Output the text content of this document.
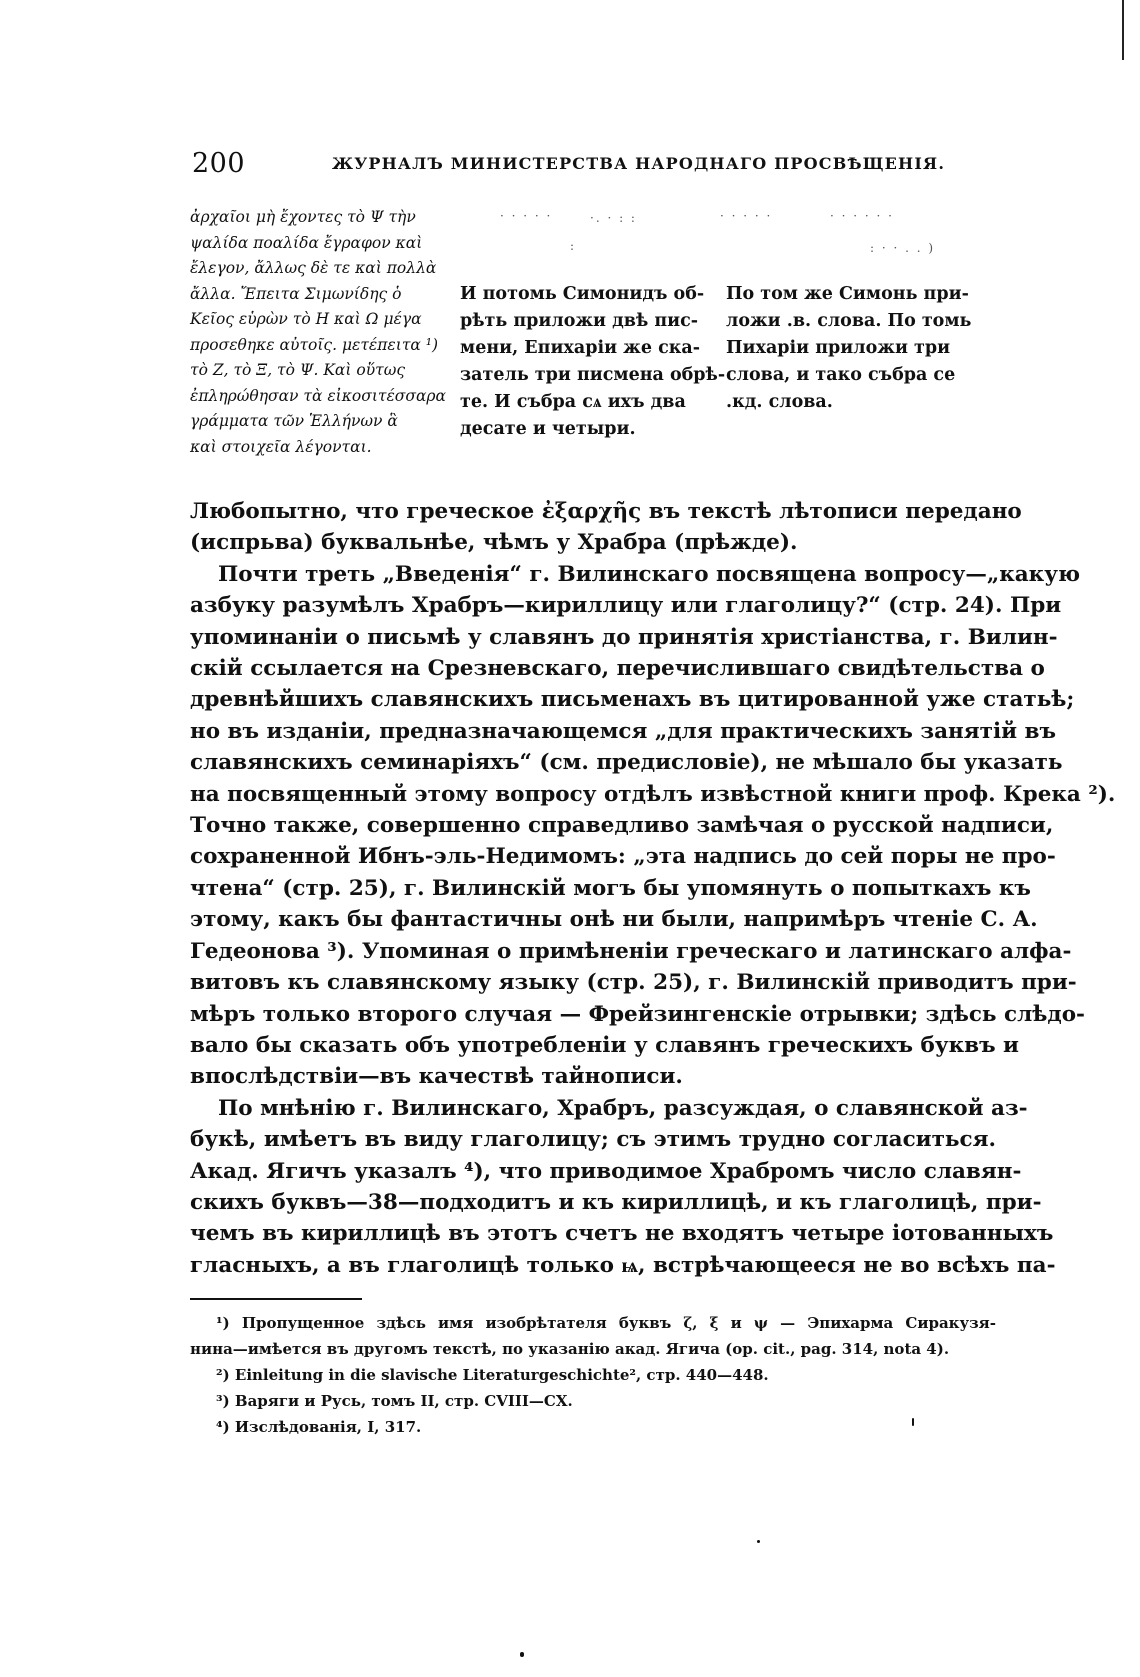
200	ЖУРНАЛЪ МИНИСТЕРСТВА НАРОДНАГО ПРОСВѢЩЕНІЯ.
ἀρχαῖοι μὴ ἔχοντες τὸ Ψ τὴν
ψαλίδα ποαλίδα ἔγραφον καὶ
ἔλεγον, ἄλλως δὲ τε καὶ πολλὰ
ἄλλα. Ἔπειτα Σιμωνίδης ὁ
Κεῖος εὑρὼν τὸ Η καὶ Ω μέγα
προσεθηκε αὐτοῖς. μετέπειτα ¹)
τὸ Ζ, τὸ Ξ, τὸ Ψ. Καὶ οὕτως
ἐπληρώθησαν τὰ εἰκοσιτέσσαρα
γράμματα τῶν Ἑλλήνων ἃ
καὶ στοιχεῖα λέγονται.
· · · · ·	·. · : :	· · · · ·	· · · · · ·
:	: · · . . )
И потомь Симонидъ об-
рѣть приложи двѣ пис-
мени, Епихаріи же ска-
затель три писмена обрѣ-
те. И събра сѧ ихъ два
десате и четыри.
По том же Симонь при-
ложи .в. слова. По томь
Пихаріи приложи три
слова, и тако събра се
.кд. слова.
Любопытно, что греческое ἐξαρχῆς въ текстѣ лѣтописи передано
(испрьва) буквальнѣе, чѣмъ у Храбра (прѣжде).
Почти треть „Введенія“ г. Вилинскаго посвящена вопросу—„какую
азбуку разумѣлъ Храбръ—кириллицу или глаголицу?“ (стр. 24). При
упоминаніи о письмѣ у славянъ до принятія христіанства, г. Вилин-
скій ссылается на Срезневскаго, перечислившаго свидѣтельства о
древнѣйшихъ славянскихъ письменахъ въ цитированной уже статьѣ;
но въ изданіи, предназначающемся „для практическихъ занятій въ
славянскихъ семинаріяхъ“ (см. предисловіе), не мѣшало бы указать
на посвященный этому вопросу отдѣлъ извѣстной книги проф. Крека ²).
Точно также, совершенно справедливо замѣчая о русской надписи,
сохраненной Ибнъ-эль-Недимомъ: „эта надпись до сей поры не про-
чтена“ (стр. 25), г. Вилинскій могъ бы упомянуть о попыткахъ къ
этому, какъ бы фантастичны онѣ ни были, напримѣръ чтеніе С. А.
Гедеонова ³). Упоминая о примѣненіи греческаго и латинскаго алфа-
витовъ къ славянскому языку (стр. 25), г. Вилинскій приводитъ при-
мѣръ только второго случая — Фрейзингенскіе отрывки; здѣсь слѣдо-
вало бы сказать объ употребленіи у славянъ греческихъ буквъ и
впослѣдствіи—въ качествѣ тайнописи.
По мнѣнію г. Вилинскаго, Храбръ, разсуждая, о славянской аз-
букѣ, имѣетъ въ виду глаголицу; съ этимъ трудно согласиться.
Акад. Ягичъ указалъ ⁴), что приводимое Храбромъ число славян-
скихъ буквъ—38—подходитъ и къ кириллицѣ, и къ глаголицѣ, при-
чемъ въ кириллицѣ въ этотъ счетъ не входятъ четыре іотованныхъ
гласныхъ, а въ глаголицѣ только ѩ, встрѣчающееся не во всѣхъ па-
¹) Пропущенное здѣсь имя изобрѣтателя буквъ ζ, ξ и ψ — Эпихарма Сиракузя-
нина—имѣется въ другомъ текстѣ, по указанію акад. Ягича (op. cit., pag. 314, nota 4).
²) Einleitung in die slavische Literaturgeschichte², стр. 440—448.
³) Варяги и Русь, томъ II, стр. CVIII—CX.
⁴) Изслѣдованія, I, 317.
